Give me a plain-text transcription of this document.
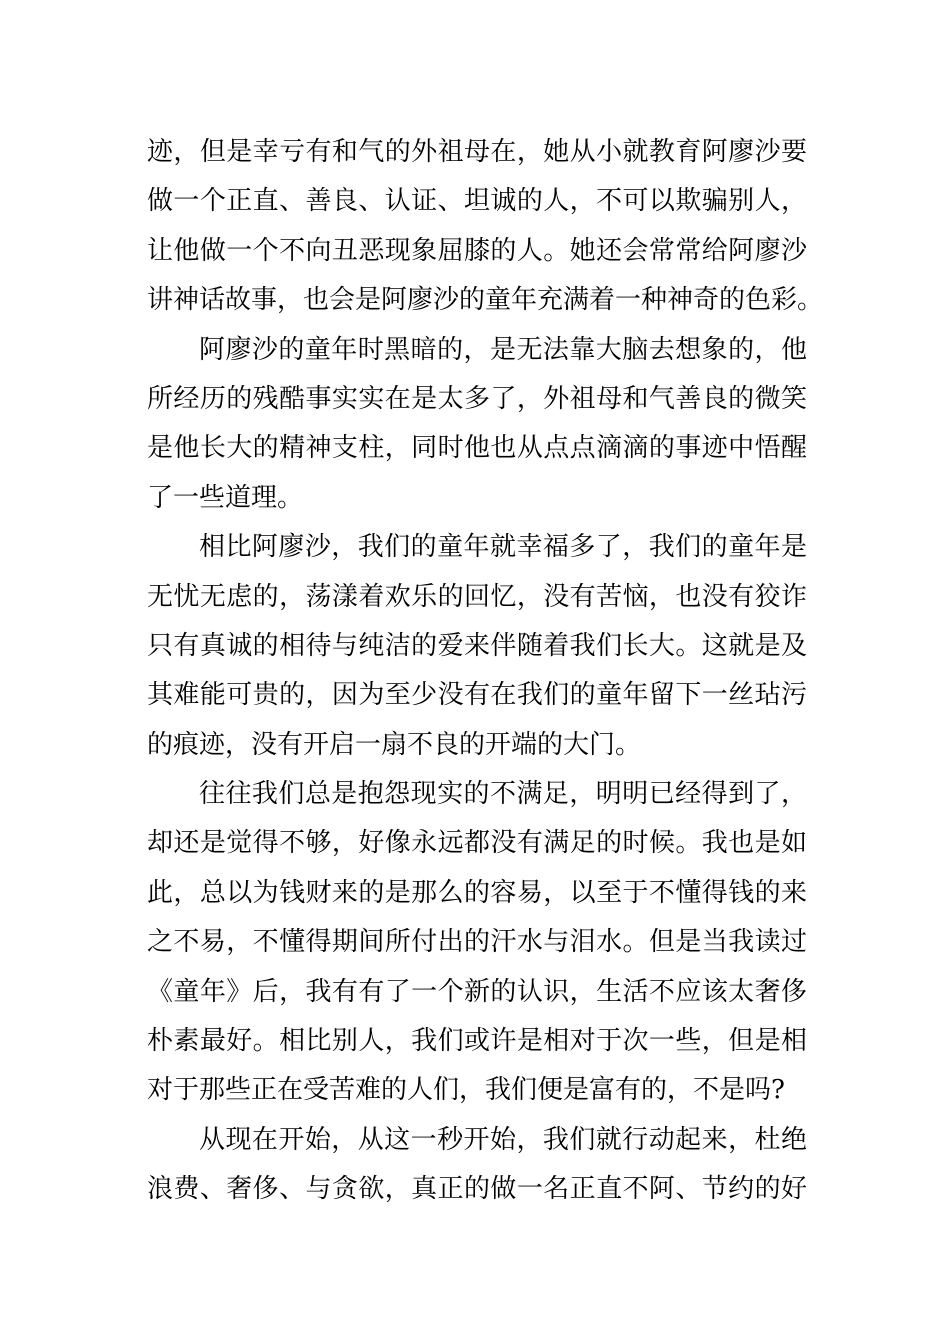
迹，但是幸亏有和气的外祖母在，她从小就教育阿廖沙要
做一个正直、善良、认证、坦诚的人，不可以欺骗别人，
让他做一个不向丑恶现象屈膝的人。她还会常常给阿廖沙
讲神话故事，也会是阿廖沙的童年充满着一种神奇的色彩。
阿廖沙的童年时黑暗的，是无法靠大脑去想象的，他
所经历的残酷事实实在是太多了，外祖母和气善良的微笑
是他长大的精神支柱，同时他也从点点滴滴的事迹中悟醒
了一些道理。
相比阿廖沙，我们的童年就幸福多了，我们的童年是
无忧无虑的，荡漾着欢乐的回忆，没有苦恼，也没有狡诈
只有真诚的相待与纯洁的爱来伴随着我们长大。这就是及
其难能可贵的，因为至少没有在我们的童年留下一丝玷污
的痕迹，没有开启一扇不良的开端的大门。
往往我们总是抱怨现实的不满足，明明已经得到了，
却还是觉得不够，好像永远都没有满足的时候。我也是如
此，总以为钱财来的是那么的容易，以至于不懂得钱的来
之不易，不懂得期间所付出的汗水与泪水。但是当我读过
《童年》后，我有有了一个新的认识，生活不应该太奢侈
朴素最好。相比别人，我们或许是相对于次一些，但是相
对于那些正在受苦难的人们，我们便是富有的，不是吗?
从现在开始，从这一秒开始，我们就行动起来，杜绝
浪费、奢侈、与贪欲，真正的做一名正直不阿、节约的好
